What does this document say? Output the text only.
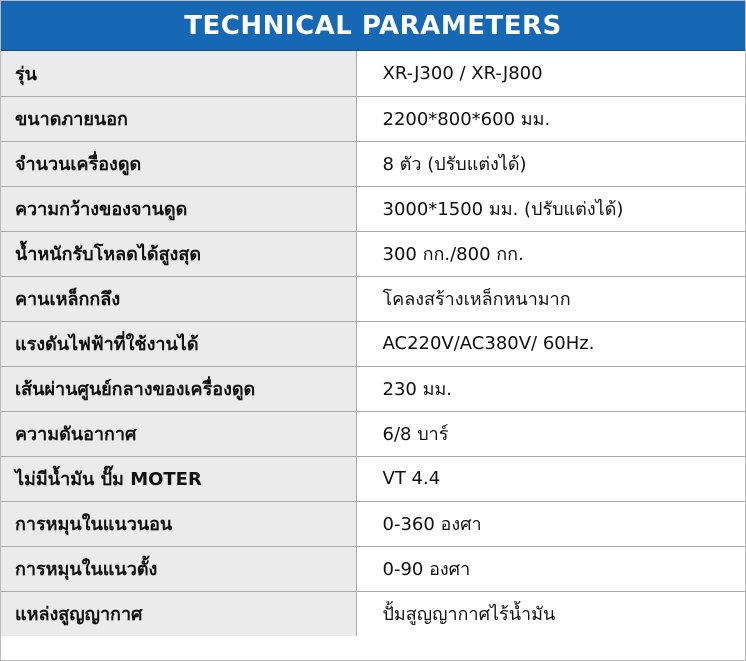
TECHNICAL PARAMETERS
รุ่น	XR-J300 / XR-J800
ขนาดภายนอก	2200*800*600 มม.
จำนวนเครื่องดูด	8 ตัว (ปรับแต่งได้)
ความกว้างของจานดูด	3000*1500 มม. (ปรับแต่งได้)
น้ำหนักรับโหลดได้สูงสุด	300 กก./800 กก.
คานเหล็กกลึง	โคลงสร้างเหล็กหนามาก
แรงดันไฟฟ้าที่ใช้งานได้	AC220V/AC380V/ 60Hz.
เส้นผ่านศูนย์กลางของเครื่องดูด	230 มม.
ความดันอากาศ	6/8 บาร์
ไม่มีน้ำมัน ปั๊ม MOTER	VT 4.4
การหมุนในแนวนอน	0-360 องศา
การหมุนในแนวตั้ง	0-90 องศา
แหล่งสูญญากาศ	ปั้มสูญญากาศไร้น้ำมัน
